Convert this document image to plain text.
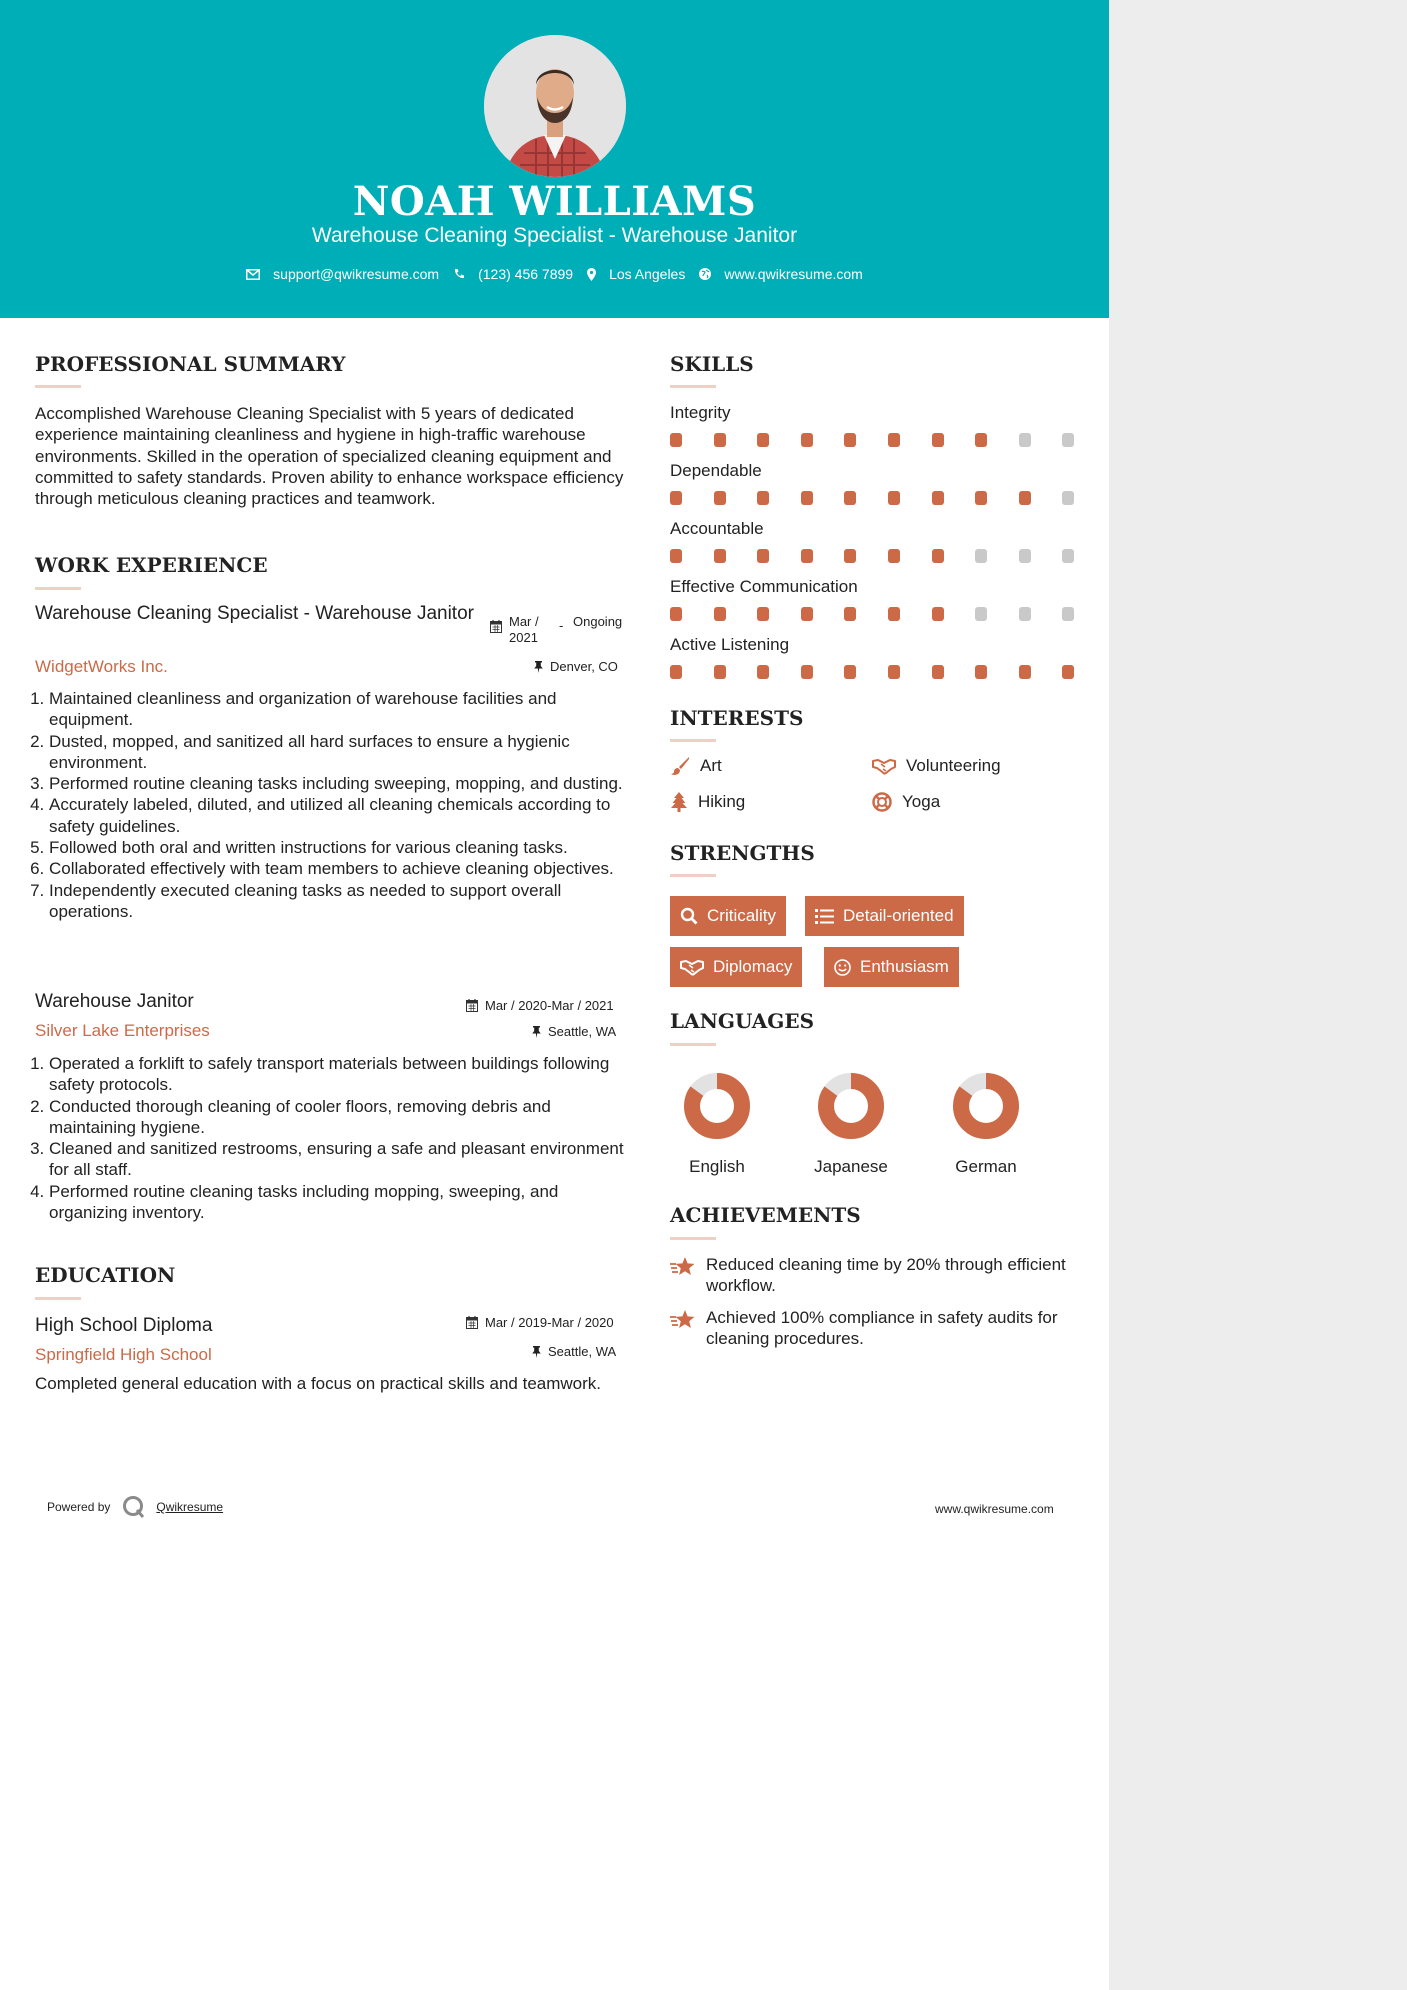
NOAH WILLIAMS
Warehouse Cleaning Specialist - Warehouse Janitor
support@qwikresume.com	(123) 456 7899	Los Angeles	www.qwikresume.com
PROFESSIONAL SUMMARY
Accomplished Warehouse Cleaning Specialist with 5 years of dedicated experience maintaining cleanliness and hygiene in high-traffic warehouse environments. Skilled in the operation of specialized cleaning equipment and committed to safety standards. Proven ability to enhance workspace efficiency through meticulous cleaning practices and teamwork.
WORK EXPERIENCE
Warehouse Cleaning Specialist - Warehouse Janitor	Mar / 2021
- Ongoing
WidgetWorks Inc.	Denver, CO
1. Maintained cleanliness and organization of warehouse facilities and equipment.
2. Dusted, mopped, and sanitized all hard surfaces to ensure a hygienic environment.
3. Performed routine cleaning tasks including sweeping, mopping, and dusting.
4. Accurately labeled, diluted, and utilized all cleaning chemicals according to safety guidelines.
5. Followed both oral and written instructions for various cleaning tasks.
6. Collaborated effectively with team members to achieve cleaning objectives.
7. Independently executed cleaning tasks as needed to support overall operations.
Warehouse Janitor	Mar / 2020-Mar / 2021
Silver Lake Enterprises	Seattle, WA
1. Operated a forklift to safely transport materials between buildings following safety protocols.
2. Conducted thorough cleaning of cooler floors, removing debris and maintaining hygiene.
3. Cleaned and sanitized restrooms, ensuring a safe and pleasant environment for all staff.
4. Performed routine cleaning tasks including mopping, sweeping, and organizing inventory.
EDUCATION
High School Diploma	Mar / 2019-Mar / 2020
Springfield High School	Seattle, WA
Completed general education with a focus on practical skills and teamwork.
SKILLS
Integrity
Dependable
Accountable
Effective Communication
Active Listening
INTERESTS
Art	Volunteering
Hiking	Yoga
STRENGTHS
Criticality	Detail-oriented
Diplomacy	Enthusiasm
LANGUAGES
English	Japanese	German
ACHIEVEMENTS
Reduced cleaning time by 20% through efficient workflow.
Achieved 100% compliance in safety audits for cleaning procedures.
Powered by	Qwikresume	www.qwikresume.com
